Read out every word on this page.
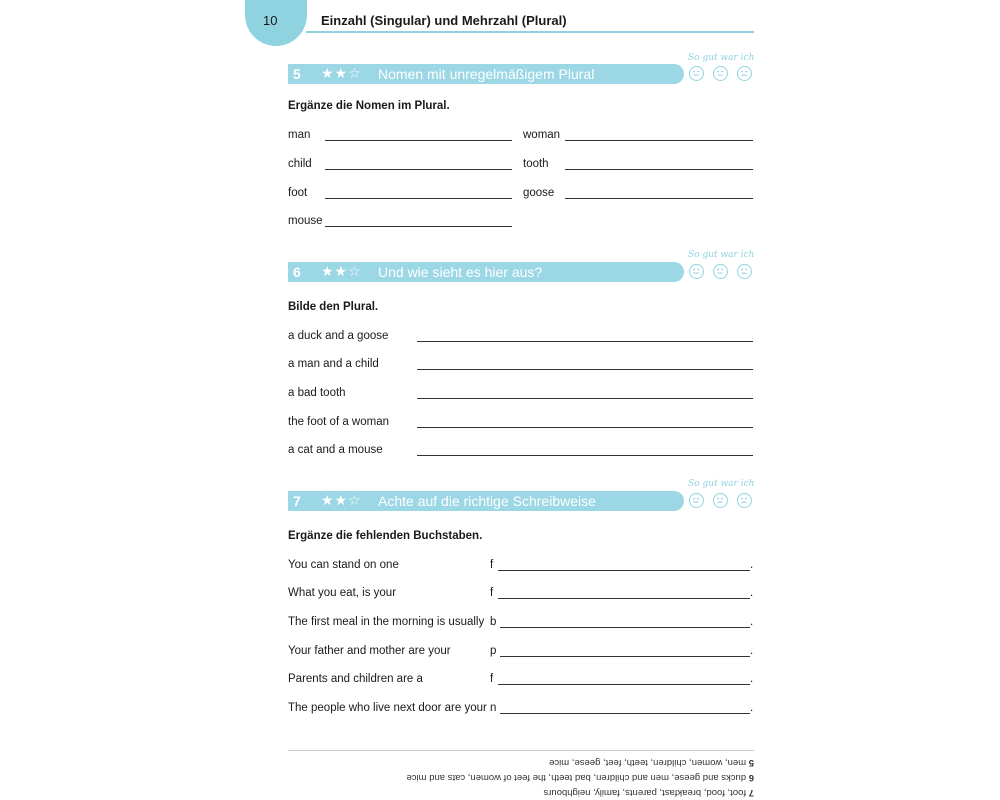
10	Einzahl (Singular) und Mehrzahl (Plural)
5 ★★☆ Nomen mit unregelmäßigem Plural
So gut war ich
Ergänze die Nomen im Plural.
man	woman
child	tooth
foot	goose
mouse
6 ★★☆ Und wie sieht es hier aus?
So gut war ich
Bilde den Plural.
a duck and a goose
a man and a child
a bad tooth
the foot of a woman
a cat and a mouse
7 ★★☆ Achte auf die richtige Schreibweise
So gut war ich
Ergänze die fehlenden Buchstaben.
You can stand on one	f	.
What you eat, is your	f	.
The first meal in the morning is usually b	.
Your father and mother are your	p	.
Parents and children are a	f	.
The people who live next door are your n	.
7 foot, food, breakfast, parents, family, neighbours
6 ducks and geese, men and children, bad teeth, the feet of women, cats and mice
5 men, women, children, teeth, feet, geese, mice
